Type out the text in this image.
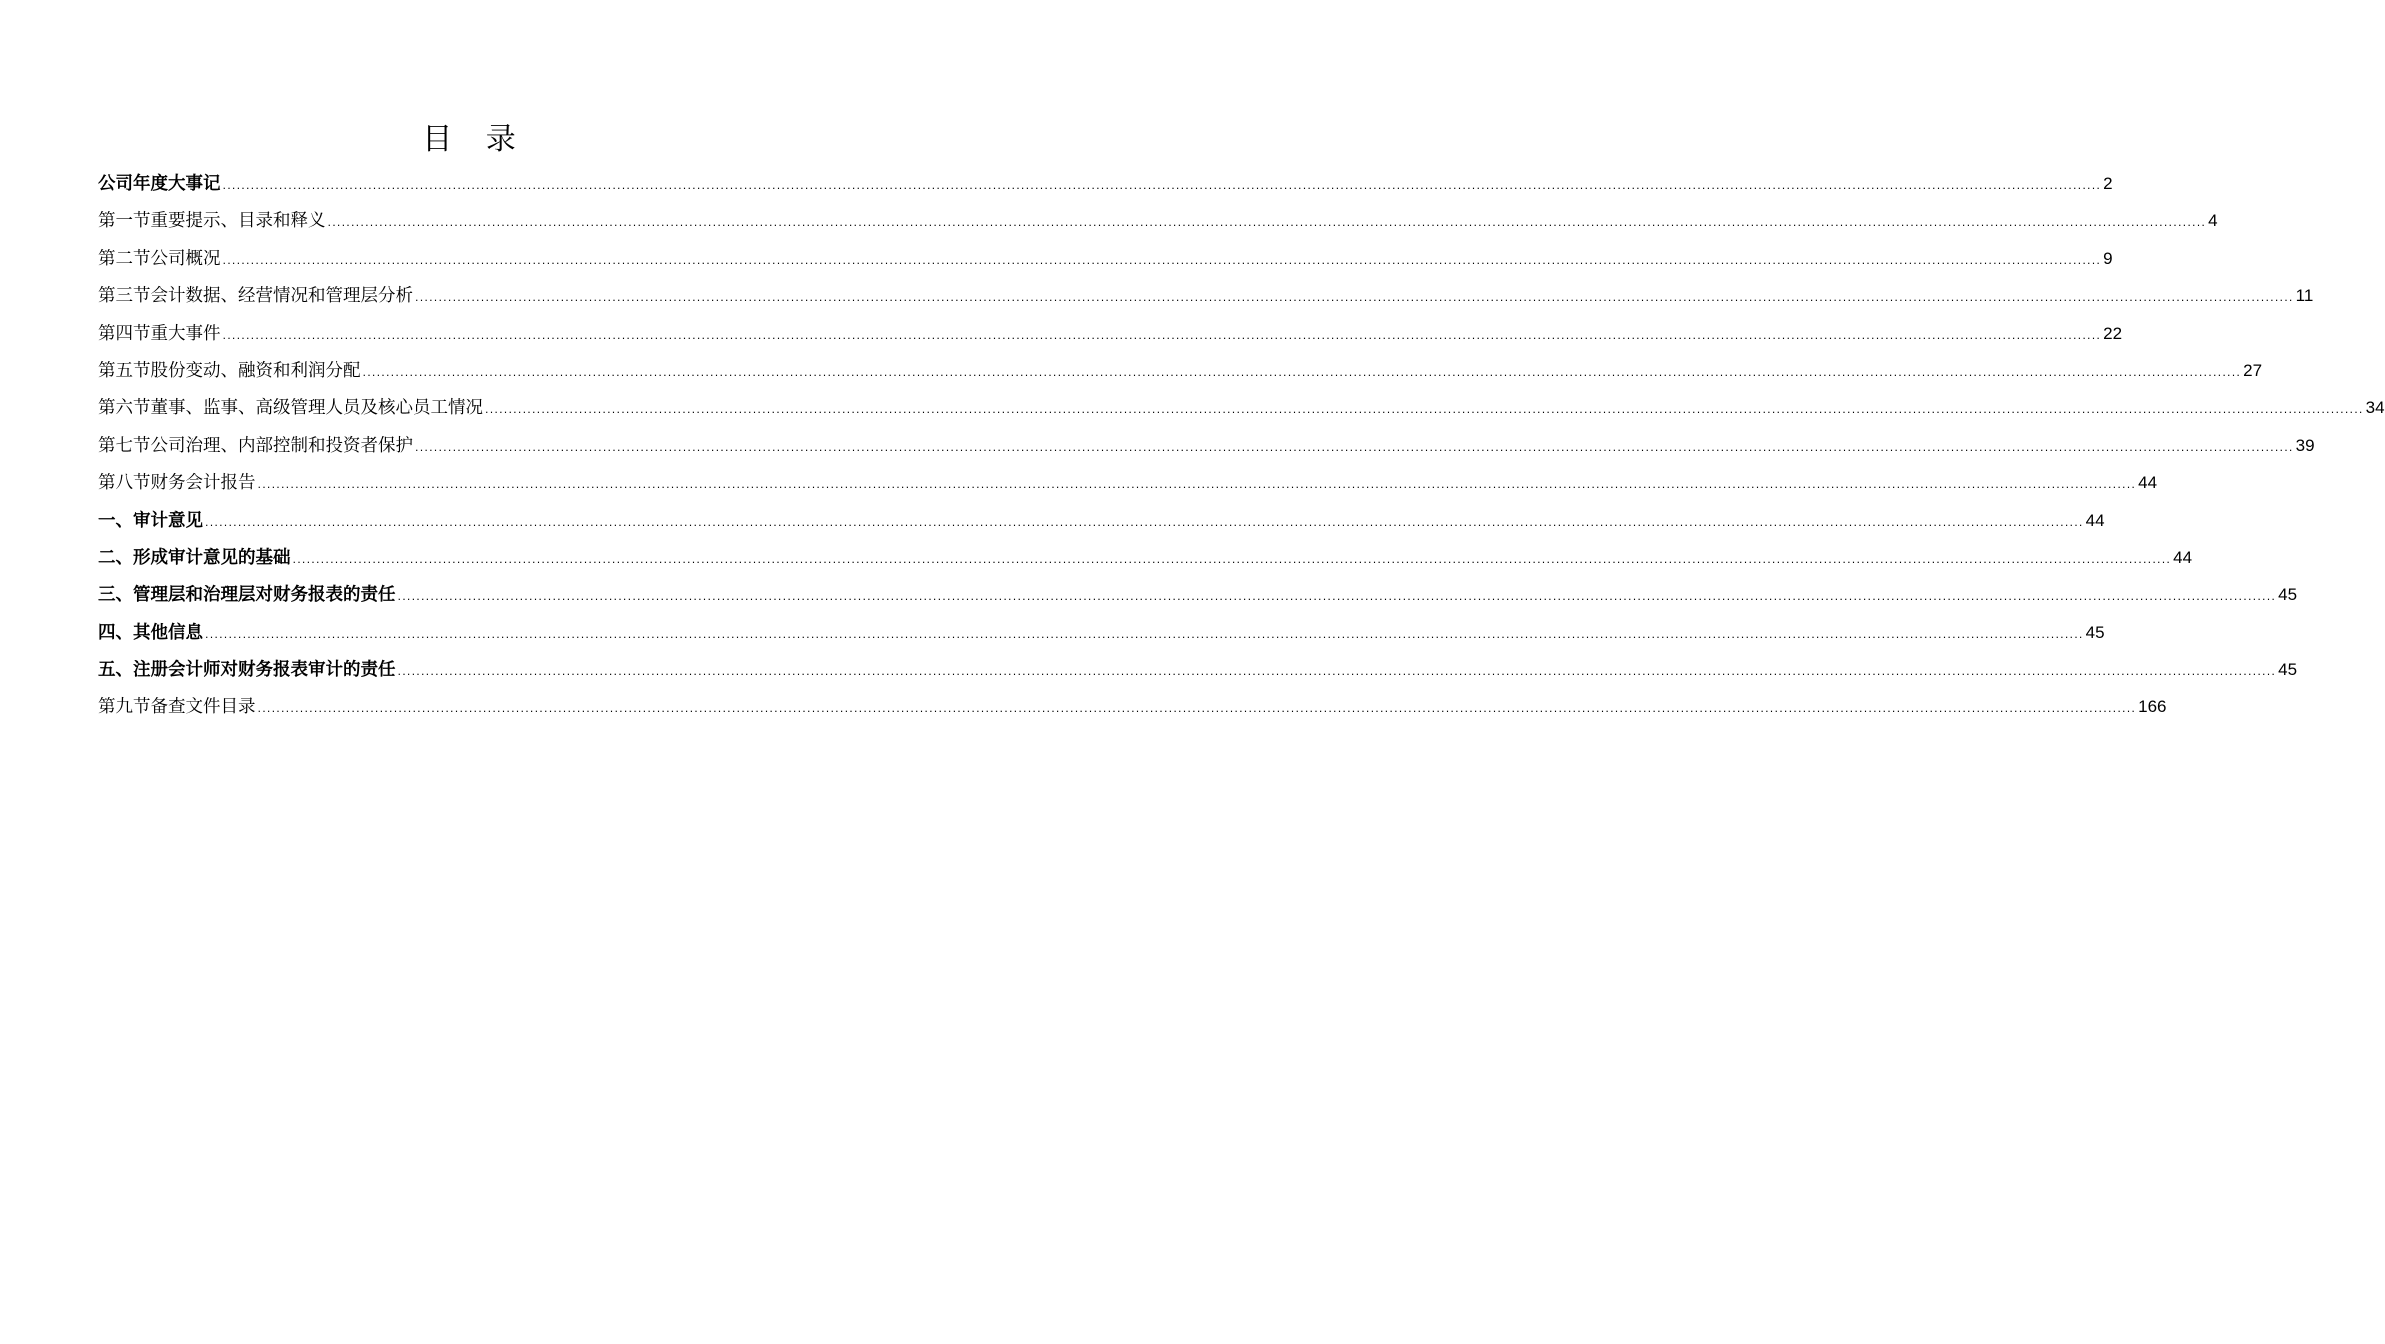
目 录
公司年度大事记 ................................................................................................................................................................................................................................................................................................................................................................................................................ 2
第一节 重要提示、目录和释义 ................................................................................................................................................................................................................................................................................................................................................................................................................ 4
第二节 公司概况 ................................................................................................................................................................................................................................................................................................................................................................................................................ 9
第三节 会计数据、经营情况和管理层分析 ................................................................................................................................................................................................................................................................................................................................................................................................................ 11
第四节 重大事件 ................................................................................................................................................................................................................................................................................................................................................................................................................ 22
第五节 股份变动、融资和利润分配 ................................................................................................................................................................................................................................................................................................................................................................................................................ 27
第六节 董事、监事、高级管理人员及核心员工情况 ................................................................................................................................................................................................................................................................................................................................................................................................................ 34
第七节 公司治理、内部控制和投资者保护 ................................................................................................................................................................................................................................................................................................................................................................................................................ 39
第八节 财务会计报告 ................................................................................................................................................................................................................................................................................................................................................................................................................ 44
一、审计意见 ................................................................................................................................................................................................................................................................................................................................................................................................................ 44
二、形成审计意见的基础 ................................................................................................................................................................................................................................................................................................................................................................................................................ 44
三、管理层和治理层对财务报表的责任 ................................................................................................................................................................................................................................................................................................................................................................................................................ 45
四、其他信息 ................................................................................................................................................................................................................................................................................................................................................................................................................ 45
五、注册会计师对财务报表审计的责任 ................................................................................................................................................................................................................................................................................................................................................................................................................ 45
第九节 备查文件目录 ................................................................................................................................................................................................................................................................................................................................................................................................................ 166
